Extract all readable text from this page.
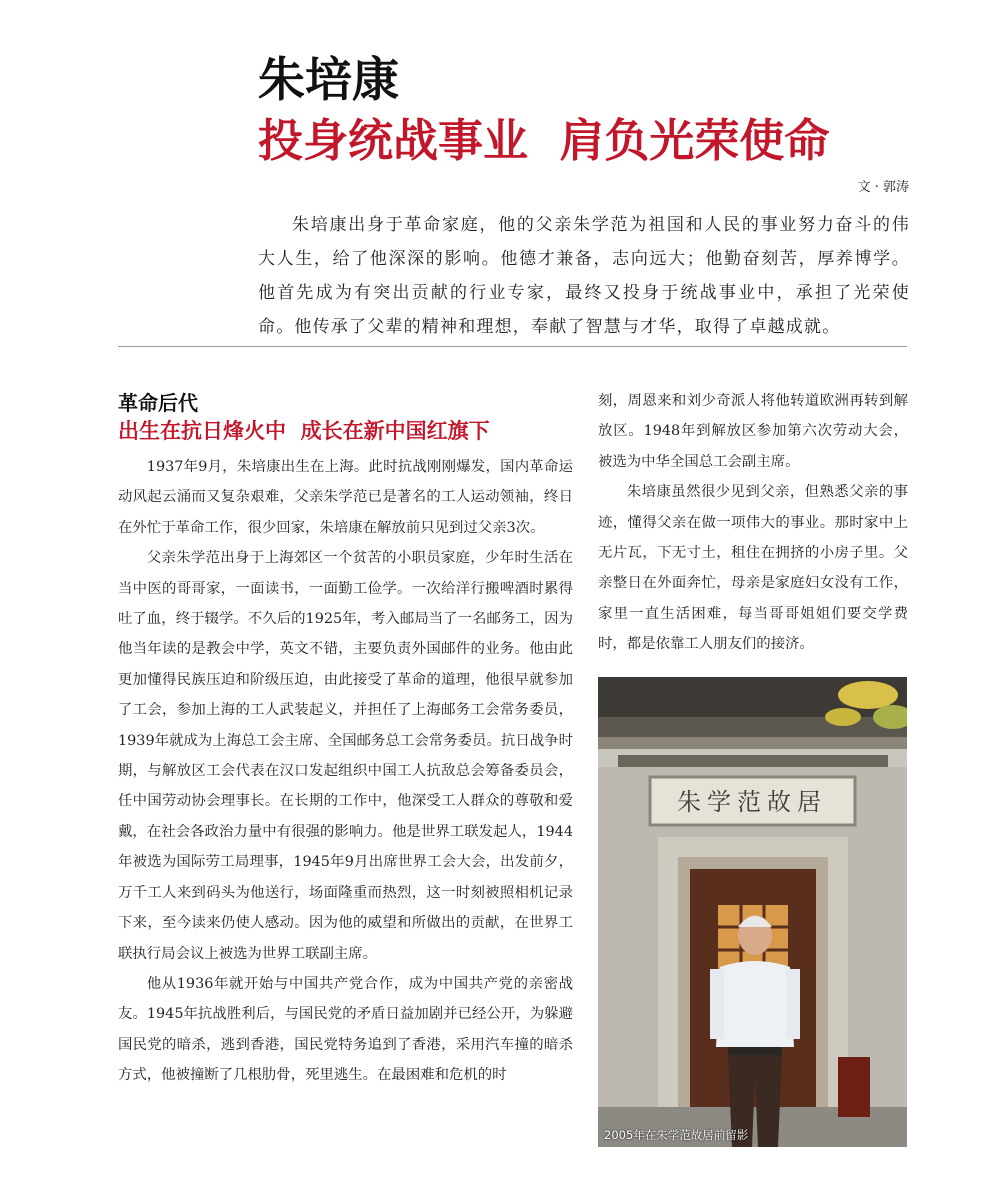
朱培康
投身统战事业  肩负光荣使命
文 · 郭涛

朱培康出身于革命家庭，他的父亲朱学范为祖国和人民的事业努力奋斗的伟大人生，给了他深深的影响。他德才兼备，志向远大；他勤奋刻苦，厚养博学。他首先成为有突出贡献的行业专家，最终又投身于统战事业中，承担了光荣使命。他传承了父辈的精神和理想，奉献了智慧与才华，取得了卓越成就。

革命后代
出生在抗日烽火中  成长在新中国红旗下

1937年9月，朱培康出生在上海。此时抗战刚刚爆发，国内革命运动风起云涌而又复杂艰难，父亲朱学范已是著名的工人运动领袖，终日在外忙于革命工作，很少回家，朱培康在解放前只见到过父亲3次。

父亲朱学范出身于上海郊区一个贫苦的小职员家庭，少年时生活在当中医的哥哥家，一面读书，一面勤工俭学。一次给洋行搬啤酒时累得吐了血，终于辍学。不久后的1925年，考入邮局当了一名邮务工，因为他当年读的是教会中学，英文不错，主要负责外国邮件的业务。他由此更加懂得民族压迫和阶级压迫，由此接受了革命的道理，他很早就参加了工会，参加上海的工人武装起义，并担任了上海邮务工会常务委员，1939年就成为上海总工会主席、全国邮务总工会常务委员。抗日战争时期，与解放区工会代表在汉口发起组织中国工人抗敌总会筹备委员会，任中国劳动协会理事长。在长期的工作中，他深受工人群众的尊敬和爱戴，在社会各政治力量中有很强的影响力。他是世界工联发起人，1944年被选为国际劳工局理事，1945年9月出席世界工会大会，出发前夕，万千工人来到码头为他送行，场面隆重而热烈，这一时刻被照相机记录下来，至今读来仍使人感动。因为他的威望和所做出的贡献，在世界工联执行局会议上被选为世界工联副主席。

他从1936年就开始与中国共产党合作，成为中国共产党的亲密战友。1945年抗战胜利后，与国民党的矛盾日益加剧并已经公开，为躲避国民党的暗杀，逃到香港，国民党特务追到了香港，采用汽车撞的暗杀方式，他被撞断了几根肋骨，死里逃生。在最困难和危机的时

刻，周恩来和刘少奇派人将他转道欧洲再转到解放区。1948年到解放区参加第六次劳动大会，被选为中华全国总工会副主席。

朱培康虽然很少见到父亲，但熟悉父亲的事迹，懂得父亲在做一项伟大的事业。那时家中上无片瓦，下无寸土，租住在拥挤的小房子里。父亲整日在外面奔忙，母亲是家庭妇女没有工作，家里一直生活困难，每当哥哥姐姐们要交学费时，都是依靠工人朋友们的接济。

朱学范故居
2005年在朱学范故居前留影
